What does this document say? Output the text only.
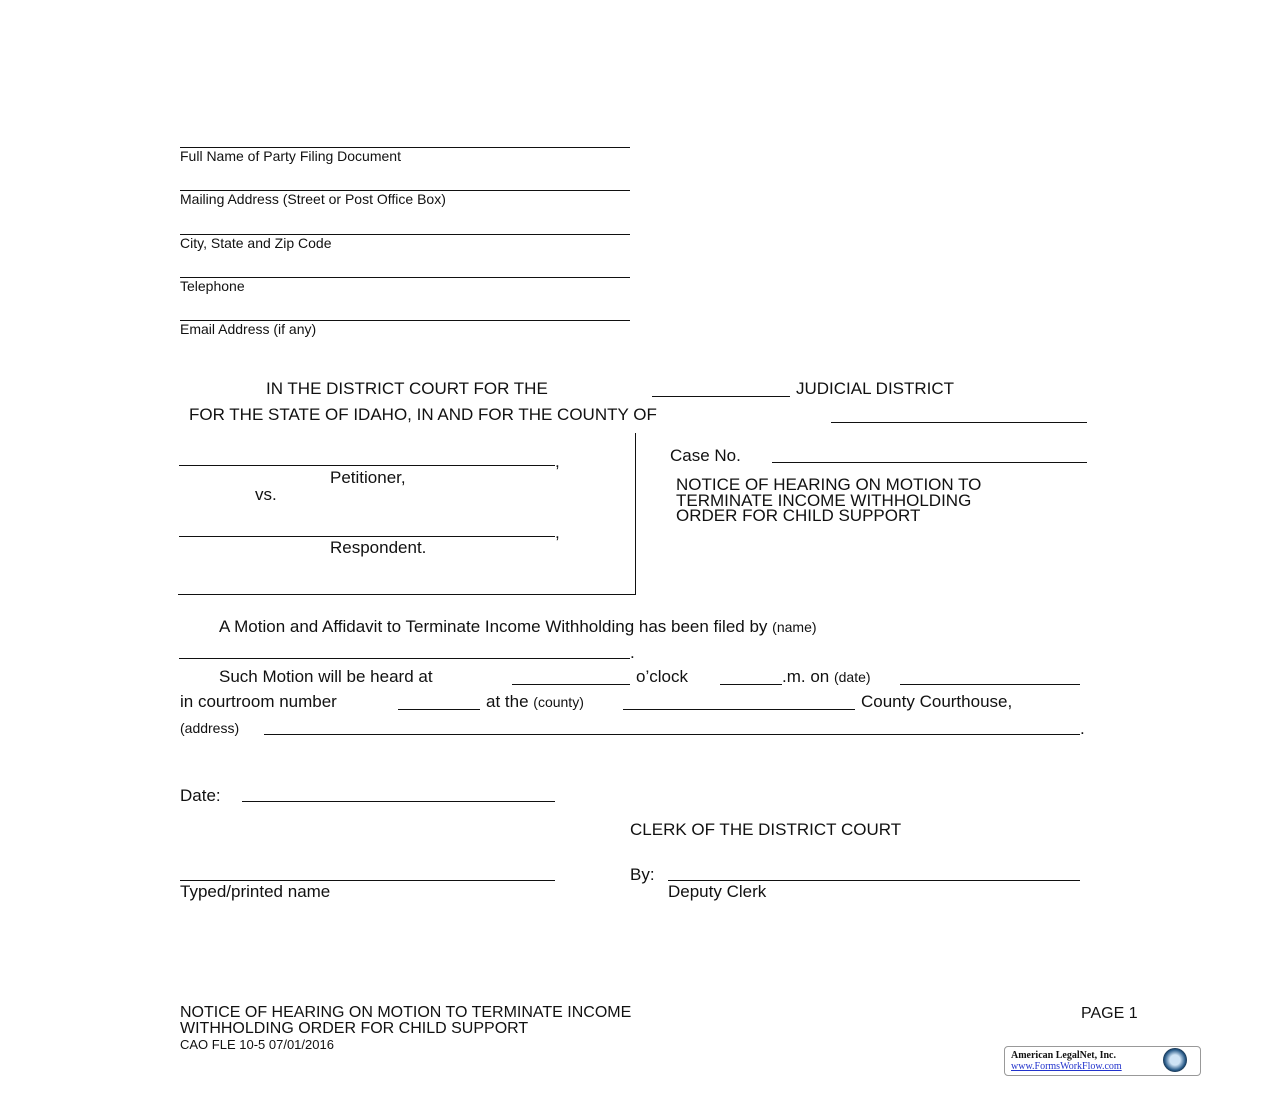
Full Name of Party Filing Document
Mailing Address (Street or Post Office Box)
City, State and Zip Code
Telephone
Email Address (if any)
IN THE DISTRICT COURT FOR THE	JUDICIAL DISTRICT
FOR THE STATE OF IDAHO, IN AND FOR THE COUNTY OF
,
Petitioner,
vs.
,
Respondent.
Case No.
NOTICE OF HEARING ON MOTION TO
TERMINATE INCOME WITHHOLDING
ORDER FOR CHILD SUPPORT
A Motion and Affidavit to Terminate Income Withholding has been filed by (name)
.
Such Motion will be heard at	o’clock	.m. on (date)
in courtroom number	at the (county)	County Courthouse,
(address)	.
Date:
CLERK OF THE DISTRICT COURT
Typed/printed name
By:
Deputy Clerk
NOTICE OF HEARING ON MOTION TO TERMINATE INCOME
WITHHOLDING ORDER FOR CHILD SUPPORT
CAO FLE 10-5 07/01/2016
PAGE 1
American LegalNet, Inc.
www.FormsWorkFlow.com
